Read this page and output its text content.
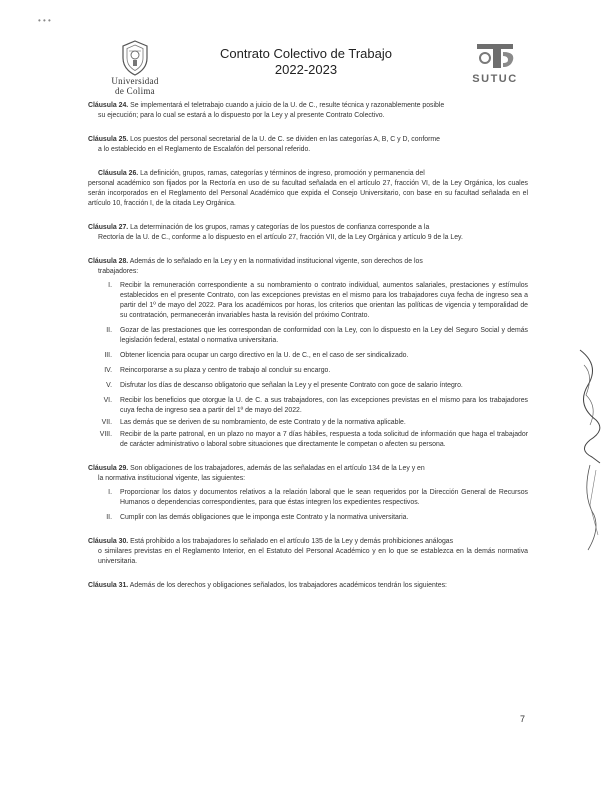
• • •
Universidad
de Colima
Contrato Colectivo de Trabajo
2022-2023
SUTUC
Cláusula 24. Se implementará el teletrabajo cuando a juicio de la U. de C., resulte técnica y razonablemente posible
su ejecución; para lo cual se estará a lo dispuesto por la Ley y al presente Contrato Colectivo.
Cláusula 25. Los puestos del personal secretarial de la U. de C. se dividen en las categorías A, B, C y D, conforme
a lo establecido en el Reglamento de Escalafón del personal referido.
Cláusula 26. La definición, grupos, ramas, categorías y términos de ingreso, promoción y permanencia del
personal académico son fijados por la Rectoría en uso de su facultad señalada en el artículo 27, fracción VI, de la Ley Orgánica, los cuales serán incorporados en el Reglamento del Personal Académico que expida el Consejo Universitario, con base en su facultad señalada en el artículo 10, fracción I, de la citada Ley Orgánica.
Cláusula 27. La determinación de los grupos, ramas y categorías de los puestos de confianza corresponde a la
Rectoría de la U. de C., conforme a lo dispuesto en el artículo 27, fracción VII, de la Ley Orgánica y artículo 9 de la Ley.
Cláusula 28. Además de lo señalado en la Ley y en la normatividad institucional vigente, son derechos de los
trabajadores:
I. Recibir la remuneración correspondiente a su nombramiento o contrato individual, aumentos salariales, prestaciones y estímulos establecidos en el presente Contrato, con las excepciones previstas en el mismo para los trabajadores cuya fecha de ingreso sea a partir del 1º de mayo del 2022. Para los académicos por horas, los criterios que orientan las políticas de vigencia y temporalidad de su contratación, permanecerán invariables hasta la revisión del próximo Contrato.
II. Gozar de las prestaciones que les correspondan de conformidad con la Ley, con lo dispuesto en la Ley del Seguro Social y demás legislación federal, estatal o normativa universitaria.
III. Obtener licencia para ocupar un cargo directivo en la U. de C., en el caso de ser sindicalizado.
IV. Reincorporarse a su plaza y centro de trabajo al concluir su encargo.
V. Disfrutar los días de descanso obligatorio que señalan la Ley y el presente Contrato con goce de salario íntegro.
VI. Recibir los beneficios que otorgue la U. de C. a sus trabajadores, con las excepciones previstas en el mismo para los trabajadores cuya fecha de ingreso sea a partir del 1º de mayo del 2022.
VII. Las demás que se deriven de su nombramiento, de este Contrato y de la normativa aplicable.
VIII. Recibir de la parte patronal, en un plazo no mayor a 7 días hábiles, respuesta a toda solicitud de información que haga el trabajador de carácter administrativo o laboral sobre situaciones que directamente le competan o afecten su persona.
Cláusula 29. Son obligaciones de los trabajadores, además de las señaladas en el artículo 134 de la Ley y en
la normativa institucional vigente, las siguientes:
I. Proporcionar los datos y documentos relativos a la relación laboral que le sean requeridos por la Dirección General de Recursos Humanos o dependencias correspondientes, para que éstas integren los expedientes respectivos.
II. Cumplir con las demás obligaciones que le imponga este Contrato y la normativa universitaria.
Cláusula 30. Está prohibido a los trabajadores lo señalado en el artículo 135 de la Ley y demás prohibiciones análogas
o similares previstas en el Reglamento Interior, en el Estatuto del Personal Académico y en lo que se establezca en la demás normativa universitaria.
Cláusula 31. Además de los derechos y obligaciones señalados, los trabajadores académicos tendrán los siguientes:
7
